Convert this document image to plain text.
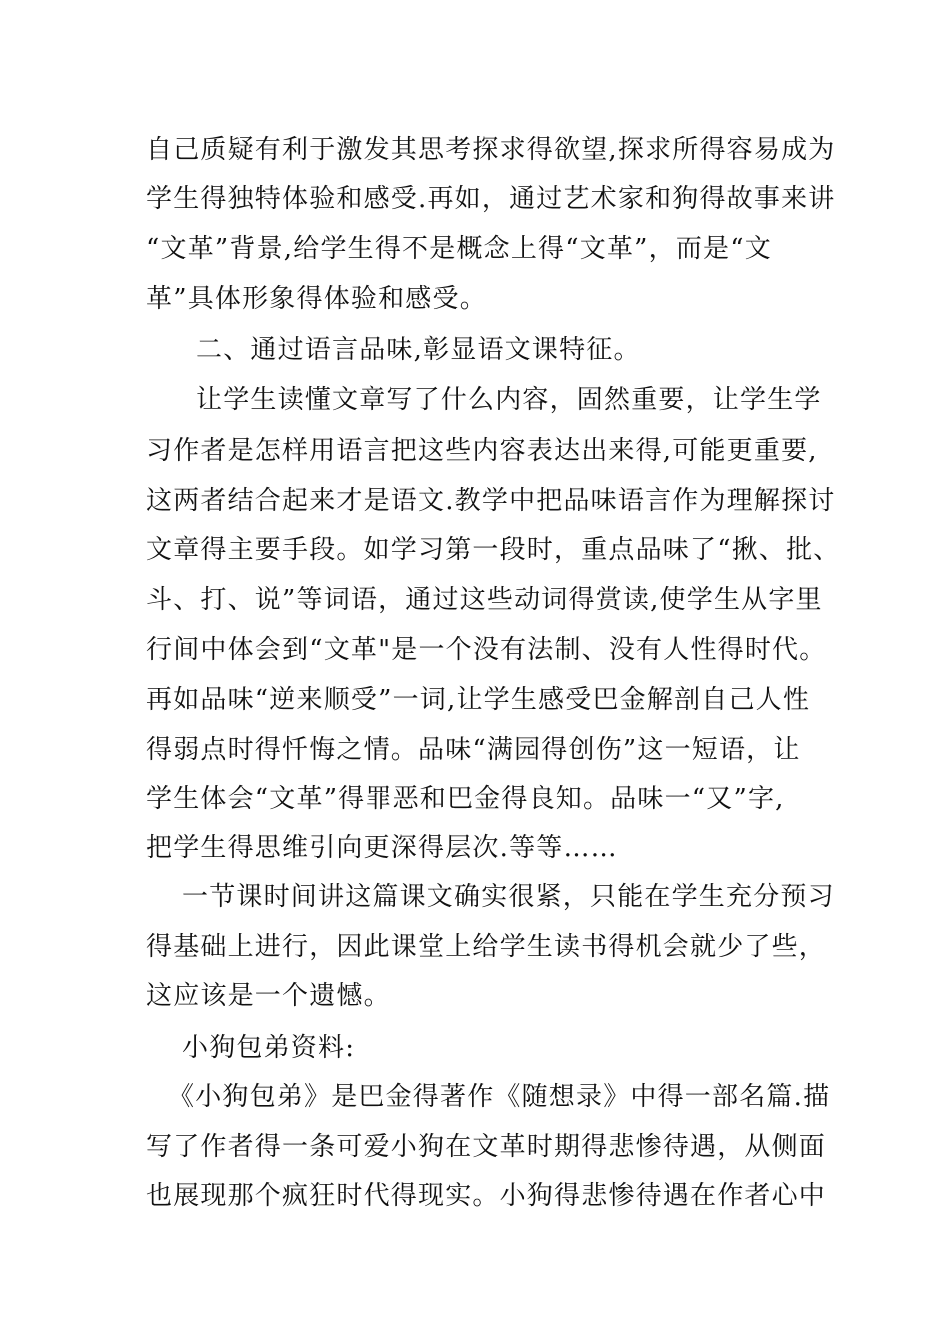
自己质疑有利于激发其思考探求得欲望,探求所得容易成为
学生得独特体验和感受.再如，通过艺术家和狗得故事来讲
“文革”背景,给学生得不是概念上得“文革”，而是“文
革”具体形象得体验和感受。
二、通过语言品味,彰显语文课特征。
让学生读懂文章写了什么内容，固然重要，让学生学
习作者是怎样用语言把这些内容表达出来得,可能更重要,
这两者结合起来才是语文.教学中把品味语言作为理解探讨
文章得主要手段。如学习第一段时，重点品味了“揪、批、
斗、打、说”等词语，通过这些动词得赏读,使学生从字里
行间中体会到“文革"是一个没有法制、没有人性得时代。
再如品味“逆来顺受”一词,让学生感受巴金解剖自己人性
得弱点时得忏悔之情。品味“满园得创伤”这一短语，让
学生体会“文革”得罪恶和巴金得良知。品味一“又”字,
把学生得思维引向更深得层次.等等……
一节课时间讲这篇课文确实很紧，只能在学生充分预习
得基础上进行，因此课堂上给学生读书得机会就少了些，
这应该是一个遗憾。
小狗包弟资料:
《小狗包弟》是巴金得著作《随想录》中得一部名篇.描
写了作者得一条可爱小狗在文革时期得悲惨待遇，从侧面
也展现那个疯狂时代得现实。小狗得悲惨待遇在作者心中
